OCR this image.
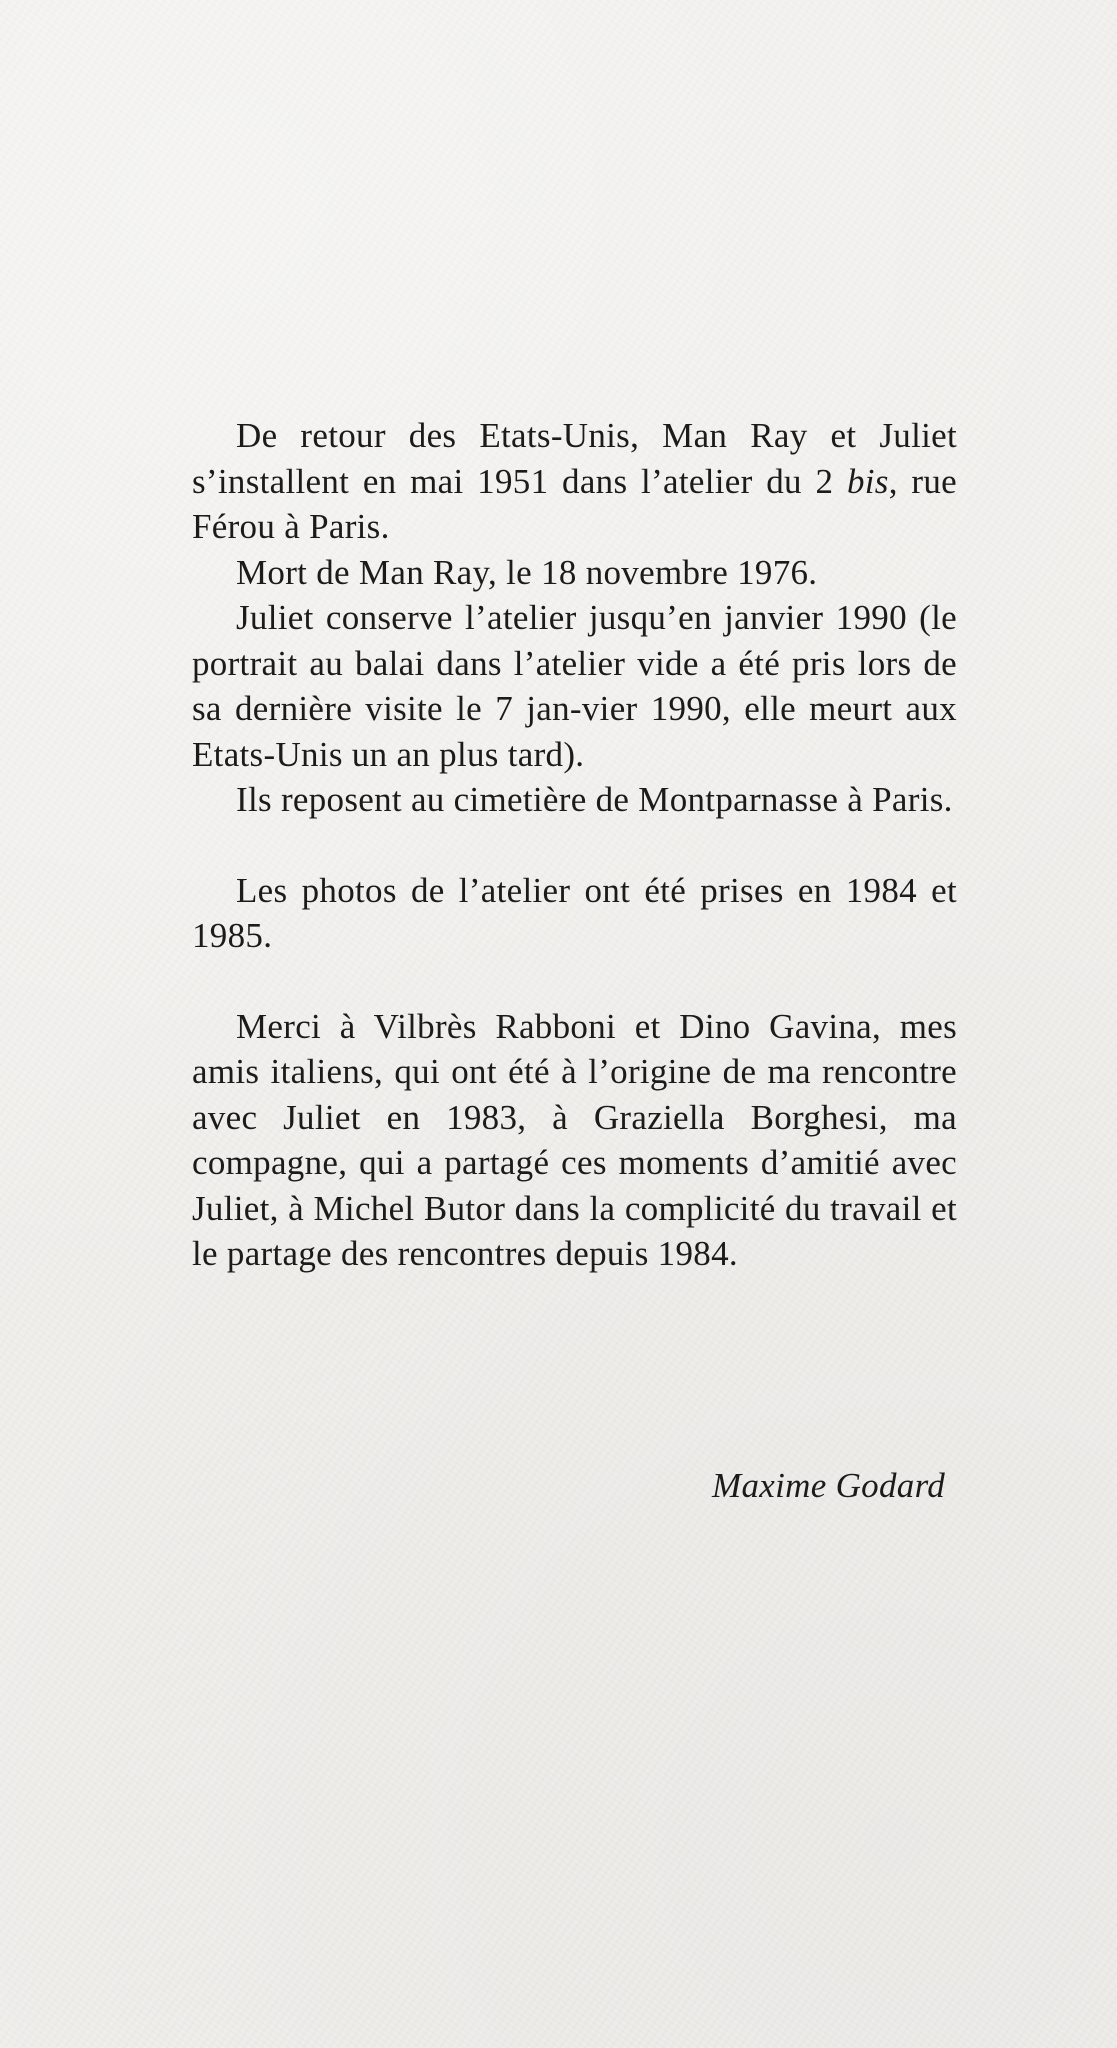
De retour des Etats-Unis, Man Ray et Juliet s’installent en mai 1951 dans l’atelier du 2 bis, rue Férou à Paris.

Mort de Man Ray, le 18 novembre 1976.

Juliet conserve l’atelier jusqu’en janvier 1990 (le portrait au balai dans l’atelier vide a été pris lors de sa dernière visite le 7 jan-vier 1990, elle meurt aux Etats-Unis un an plus tard).

Ils reposent au cimetière de Montparnasse à Paris.

Les photos de l’atelier ont été prises en 1984 et 1985.

Merci à Vilbrès Rabboni et Dino Gavina, mes amis italiens, qui ont été à l’origine de ma rencontre avec Juliet en 1983, à Graziella Borghesi, ma compagne, qui a partagé ces moments d’amitié avec Juliet, à Michel Butor dans la complicité du travail et le partage des rencontres depuis 1984.

Maxime Godard
